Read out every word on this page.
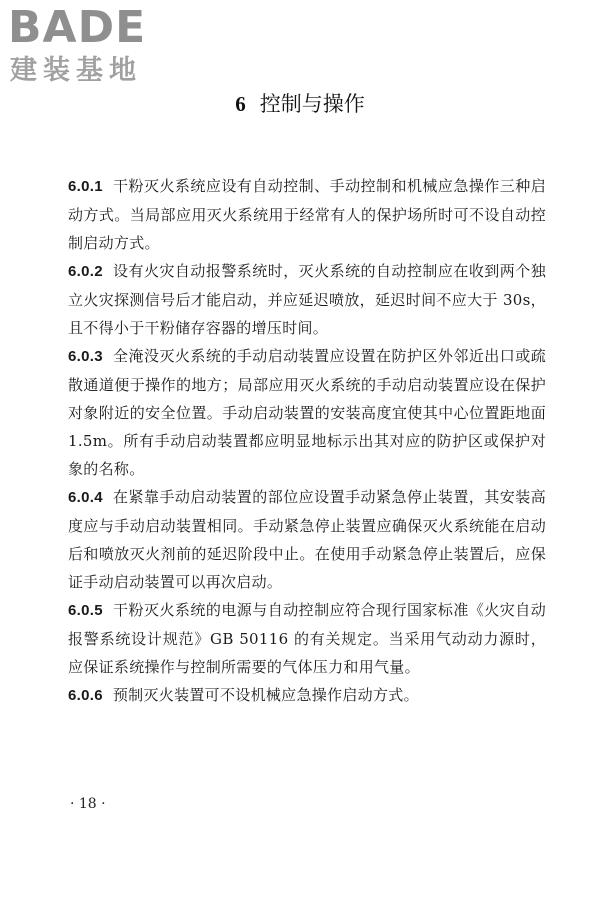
BADE
建装基地
6 控制与操作

6.0.1 干粉灭火系统应设有自动控制、手动控制和机械应急操作三种启动方式。当局部应用灭火系统用于经常有人的保护场所时可不设自动控制启动方式。

6.0.2 设有火灾自动报警系统时，灭火系统的自动控制应在收到两个独立火灾探测信号后才能启动，并应延迟喷放，延迟时间不应大于 30s，且不得小于干粉储存容器的增压时间。

6.0.3 全淹没灭火系统的手动启动装置应设置在防护区外邻近出口或疏散通道便于操作的地方；局部应用灭火系统的手动启动装置应设在保护对象附近的安全位置。手动启动装置的安装高度宜使其中心位置距地面 1.5m。所有手动启动装置都应明显地标示出其对应的防护区或保护对象的名称。

6.0.4 在紧靠手动启动装置的部位应设置手动紧急停止装置，其安装高度应与手动启动装置相同。手动紧急停止装置应确保灭火系统能在启动后和喷放灭火剂前的延迟阶段中止。在使用手动紧急停止装置后，应保证手动启动装置可以再次启动。

6.0.5 干粉灭火系统的电源与自动控制应符合现行国家标准《火灾自动报警系统设计规范》GB 50116 的有关规定。当采用气动动力源时，应保证系统操作与控制所需要的气体压力和用气量。

6.0.6 预制灭火装置可不设机械应急操作启动方式。

· 18 ·
